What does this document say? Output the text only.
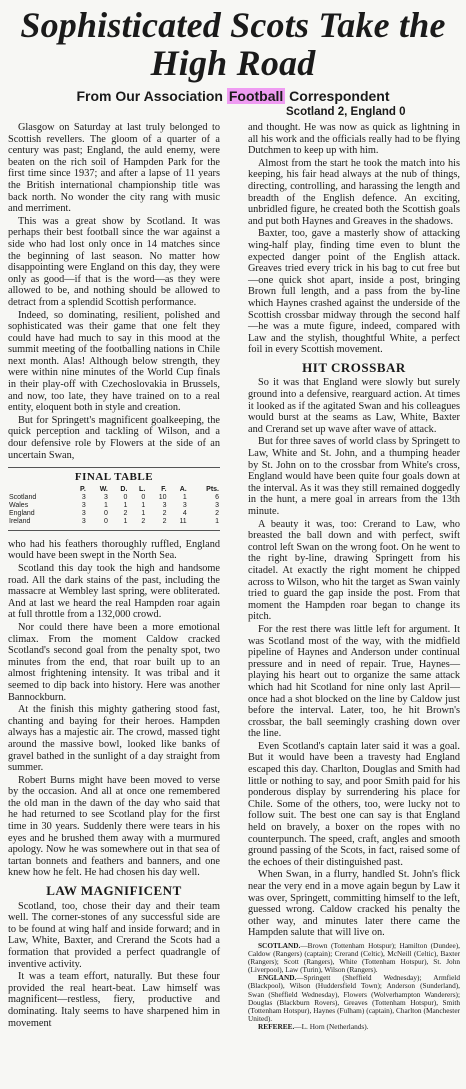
Sophisticated Scots Take the High Road
From Our Association Football Correspondent
Scotland 2, England 0

Glasgow on Saturday at last truly belonged to Scottish revellers. The gloom of a quarter of a century was past; England, the auld enemy, were beaten on the rich soil of Hampden Park for the first time since 1937; and after a lapse of 11 years the British international championship title was back north. No wonder the city rang with music and merriment.

This was a great show by Scotland. It was perhaps their best football since the war against a side who had lost only once in 14 matches since the beginning of last season. No matter how disappointing were England on this day, they were only as good—if that is the word—as they were allowed to be, and nothing should be allowed to detract from a splendid Scottish performance.

Indeed, so dominating, resilient, polished and sophisticated was their game that one felt they could have had much to say in this mood at the summit meeting of the footballing nations in Chile next month. Alas! Although below strength, they were within nine minutes of the World Cup finals in their play-off with Czechoslovakia in Brussels, and now, too late, they have trained on to a real entity, eloquent both in style and creation.

But for Springett's magnificent goalkeeping, the quick perception and tackling of Wilson, and a dour defensive role by Flowers at the side of an uncertain Swan,

FINAL TABLE
	P.	W.	D.	L.	F.	A.	Pts.
Scotland	3	3	0	0	10	1	6
Wales	3	1	1	1	3	3	3
England	3	0	2	1	2	4	2
Ireland	3	0	1	2	2	11	1

who had his feathers thoroughly ruffled, England would have been swept in the North Sea.

Scotland this day took the high and handsome road. All the dark stains of the past, including the massacre at Wembley last spring, were obliterated. And at last we heard the real Hampden roar again at full throttle from a 132,000 crowd.

Nor could there have been a more emotional climax. From the moment Caldow cracked Scotland's second goal from the penalty spot, two minutes from the end, that roar built up to an almost frightening intensity. It was tribal and it seemed to dip back into history. Here was another Bannockburn.

At the finish this mighty gathering stood fast, chanting and baying for their heroes. Hampden always has a majestic air. The crowd, massed tight around the massive bowl, looked like banks of gravel bathed in the sunlight of a day straight from summer.

Robert Burns might have been moved to verse by the occasion. And all at once one remembered the old man in the dawn of the day who said that he had returned to see Scotland play for the first time in 30 years. Suddenly there were tears in his eyes and he brushed them away with a murmured apology. Now he was somewhere out in that sea of tartan bonnets and feathers and banners, and one knew how he felt. He had chosen his day well.

LAW MAGNIFICENT

Scotland, too, chose their day and their team well. The corner-stones of any successful side are to be found at wing half and inside forward; and in Law, White, Baxter, and Crerand the Scots had a formation that provided a perfect quadrangle of inventive activity.

It was a team effort, naturally. But these four provided the real heart-beat. Law himself was magnificent—restless, fiery, productive and dominating. Italy seems to have sharpened him in movement

and thought. He was now as quick as lightning in all his work and the officials really had to be flying Dutchmen to keep up with him.

Almost from the start he took the match into his keeping, his fair head always at the nub of things, directing, controlling, and harassing the length and breadth of the English defence. An exciting, unbridled figure, he created both the Scottish goals and put both Haynes and Greaves in the shadows.

Baxter, too, gave a masterly show of attacking wing-half play, finding time even to blunt the expected danger point of the English attack. Greaves tried every trick in his bag to cut free but—one quick shot apart, inside a post, bringing Brown full length, and a pass from the by-line which Haynes crashed against the underside of the Scottish crossbar midway through the second half—he was a mute figure, indeed, compared with Law and the stylish, thoughtful White, a perfect foil in every Scottish movement.

HIT CROSSBAR

So it was that England were slowly but surely ground into a defensive, rearguard action. At times it looked as if the agitated Swan and his colleagues would burst at the seams as Law, White, Baxter and Crerand set up wave after wave of attack.

But for three saves of world class by Springett to Law, White and St. John, and a thumping header by St. John on to the crossbar from White's cross, England would have been quite four goals down at the interval. As it was they still remained doggedly in the hunt, a mere goal in arrears from the 13th minute.

A beauty it was, too: Crerand to Law, who breasted the ball down and with perfect, swift control left Swan on the wrong foot. On he went to the right by-line, drawing Springett from his citadel. At exactly the right moment he chipped across to Wilson, who hit the target as Swan vainly tried to guard the gap inside the post. From that moment the Hampden roar began to change its pitch.

For the rest there was little left for argument. It was Scotland most of the way, with the midfield pipeline of Haynes and Anderson under continual pressure and in need of repair. True, Haynes—playing his heart out to organize the same attack which had hit Scotland for nine only last April—once had a shot blocked on the line by Caldow just before the interval. Later, too, he hit Brown's crossbar, the ball seemingly crashing down over the line.

Even Scotland's captain later said it was a goal. But it would have been a travesty had England escaped this day. Charlton, Douglas and Smith had little or nothing to say, and poor Smith paid for his ponderous display by surrendering his place for Chile. Some of the others, too, were lucky not to follow suit. The best one can say is that England held on bravely, a boxer on the ropes with no counterpunch. The speed, craft, angles and smooth ground passing of the Scots, in fact, raised some of the echoes of their distinguished past.

When Swan, in a flurry, handled St. John's flick near the very end in a move again begun by Law it was over, Springett, committing himself to the left, guessed wrong. Caldow cracked his penalty the other way, and minutes later there came the Hampden salute that will live on.

SCOTLAND.—Brown (Tottenham Hotspur); Hamilton (Dundee), Caldow (Rangers) (captain); Crerand (Celtic), McNeill (Celtic), Baxter (Rangers); Scott (Rangers), White (Tottenham Hotspur), St. John (Liverpool), Law (Turin), Wilson (Rangers).

ENGLAND.—Springett (Sheffield Wednesday); Armfield (Blackpool), Wilson (Huddersfield Town); Anderson (Sunderland), Swan (Sheffield Wednesday), Flowers (Wolverhampton Wanderers); Douglas (Blackburn Rovers), Greaves (Tottenham Hotspur), Smith (Tottenham Hotspur), Haynes (Fulham) (captain), Charlton (Manchester United).

REFEREE.—L. Horn (Netherlands).
